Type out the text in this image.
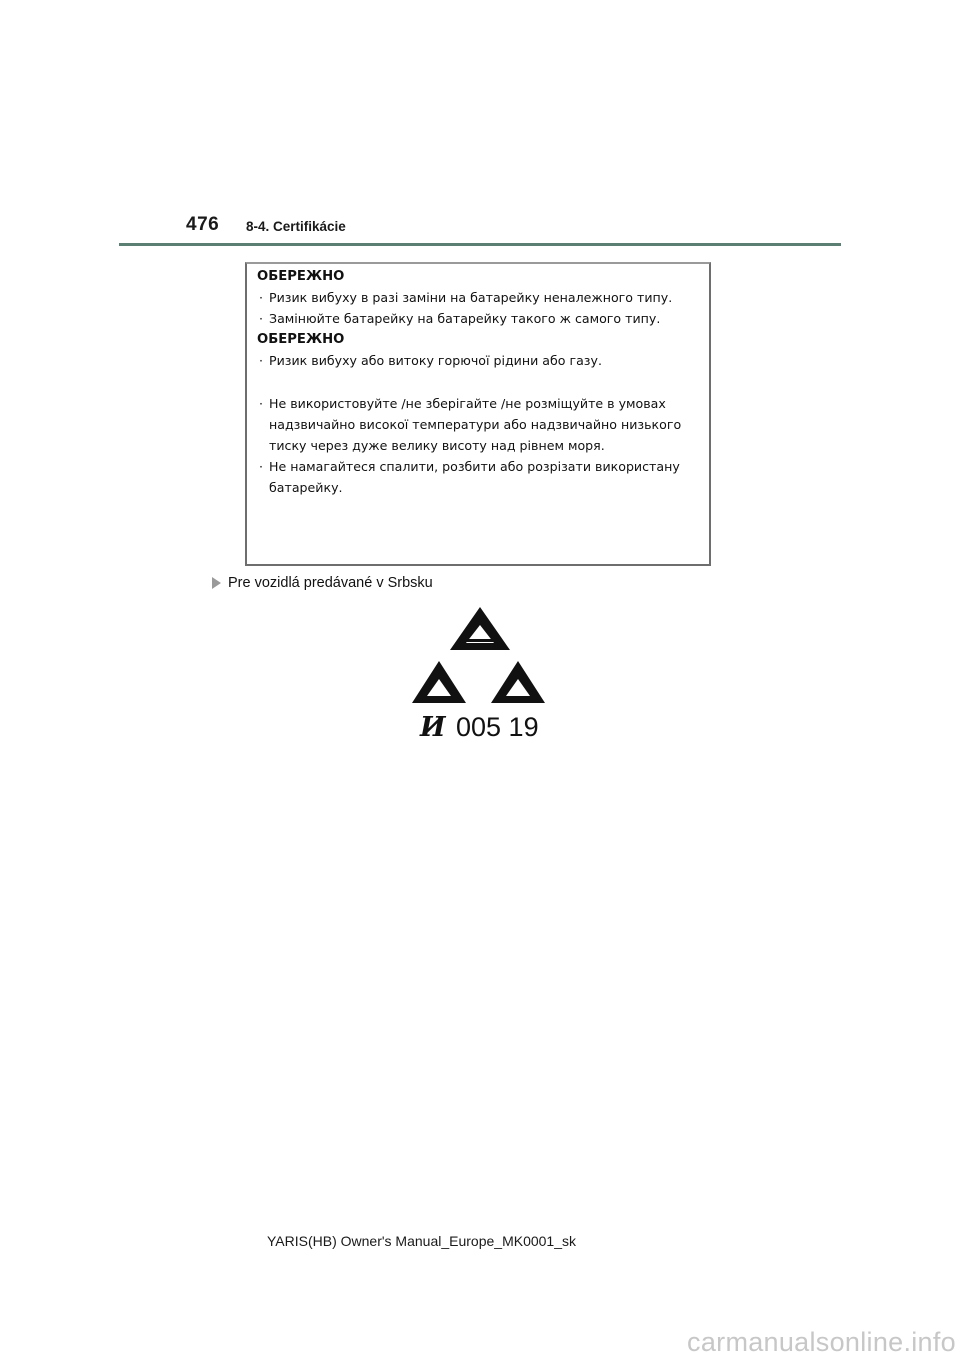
476 8-4. Certifikácie
ОБЕРЕЖНО
· Ризик вибуху в разі заміни на батарейку неналежного типу.
· Замінюйте батарейку на батарейку такого ж самого типу.
ОБЕРЕЖНО
· Ризик вибуху або витоку горючої рідини або газу.
· Не використовуйте /не зберігайте /не розміщуйте в умовах
надзвичайно високої температури або надзвичайно низького
тиску через дуже велику висоту над рівнем моря.
· Не намагайтеся спалити, розбити або розрізати використану
батарейку.
Pre vozidlá predávané v Srbsku
И 005 19
YARIS(HB) Owner's Manual_Europe_MK0001_sk
carmanualsonline.info
